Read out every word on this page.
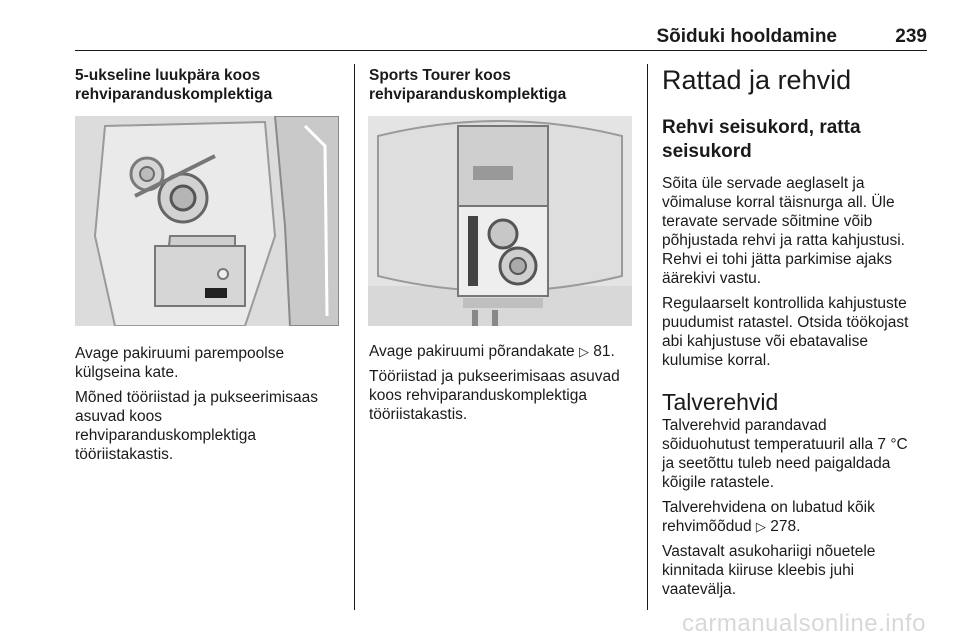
Sõiduki hooldamine	239
5-ukseline luukpära koos
rehviparanduskomplektiga
Avage pakiruumi parempoolse
külgseina kate.
Mõned tööriistad ja pukseerimisaas
asuvad koos
rehviparanduskomplektiga
tööriistakastis.
Sports Tourer koos
rehviparanduskomplektiga
Avage pakiruumi põrandakate ▷ 81.
Tööriistad ja pukseerimisaas asuvad
koos rehviparanduskomplektiga
tööriistakastis.
Rattad ja rehvid
Rehvi seisukord, ratta seisukord
Sõita üle servade aeglaselt ja
võimaluse korral täisnurga all. Üle
teravate servade sõitmine võib
põhjustada rehvi ja ratta kahjustusi.
Rehvi ei tohi jätta parkimise ajaks
äärekivi vastu.
Regulaarselt kontrollida kahjustuste
puudumist ratastel. Otsida töökojast
abi kahjustuse või ebatavalise
kulumise korral.
Talverehvid
Talverehvid parandavad
sõiduohutust temperatuuril alla 7 °C
ja seetõttu tuleb need paigaldada
kõigile ratastele.
Talverehvidena on lubatud kõik
rehvimõõdud ▷ 278.
Vastavalt asukohariigi nõuetele
kinnitada kiiruse kleebis juhi
vaatevälja.
carmanualsonline.info
